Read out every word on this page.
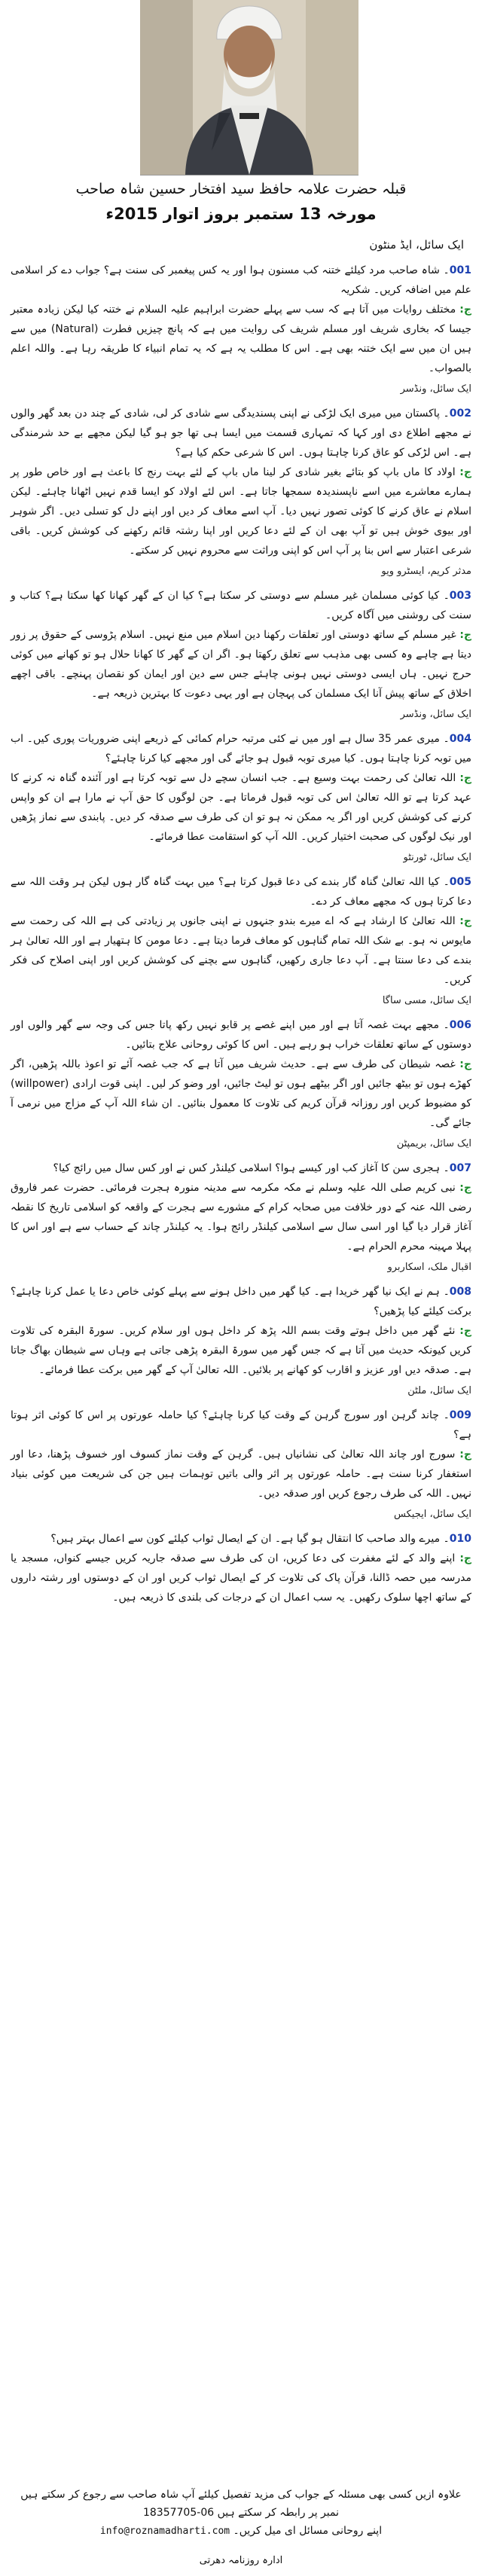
قبلہ حضرت علامہ حافظ سید افتخار حسین شاہ صاحب
مورخہ 13 ستمبر بروز اتوار 2015ء
ایک سائل، ایڈ منٹون

001۔ شاہ صاحب مرد کیلئے ختنہ کب مسنون ہوا اور یہ کس پیغمبر کی سنت ہے؟ جواب دے کر اسلامی علم میں اضافہ کریں۔ شکریہ

ج: مختلف روایات میں آتا ہے کہ سب سے پہلے حضرت ابراہیم علیہ السلام نے ختنہ کیا لیکن زیادہ معتبر جیسا کہ بخاری شریف اور مسلم شریف کی روایت میں ہے کہ پانچ چیزیں فطرت (Natural) میں سے ہیں ان میں سے ایک ختنہ بھی ہے۔ اس کا مطلب یہ ہے کہ یہ تمام انبیاء کا طریقہ رہا ہے۔ واللہ اعلم بالصواب۔

ایک سائل، ونڈسر

002۔ پاکستان میں میری ایک لڑکی نے اپنی پسندیدگی سے شادی کر لی، شادی کے چند دن بعد گھر والوں نے مجھے اطلاع دی اور کہا کہ تمہاری قسمت میں ایسا ہی تھا جو ہو گیا لیکن مجھے بے حد شرمندگی ہے۔ اس لڑکی کو عاق کرنا چاہتا ہوں۔ اس کا شرعی حکم کیا ہے؟

ج: اولاد کا ماں باپ کو بتائے بغیر شادی کر لینا ماں باپ کے لئے بہت رنج کا باعث ہے اور خاص طور پر ہمارے معاشرے میں اسے ناپسندیدہ سمجھا جاتا ہے۔ اس لئے اولاد کو ایسا قدم نہیں اٹھانا چاہئے۔ لیکن اسلام نے عاق کرنے کا کوئی تصور نہیں دیا۔ آپ اسے معاف کر دیں اور اپنے دل کو تسلی دیں۔ اگر شوہر اور بیوی خوش ہیں تو آپ بھی ان کے لئے دعا کریں اور اپنا رشتہ قائم رکھنے کی کوشش کریں۔ باقی شرعی اعتبار سے اس بنا پر آپ اس کو اپنی وراثت سے محروم نہیں کر سکتے۔

مدثر کریم، ایسٹرو ویو

003۔ کیا کوئی مسلمان غیر مسلم سے دوستی کر سکتا ہے؟ کیا ان کے گھر کھانا کھا سکتا ہے؟ کتاب و سنت کی روشنی میں آگاہ کریں۔

ج: غیر مسلم کے ساتھ دوستی اور تعلقات رکھنا دین اسلام میں منع نہیں۔ اسلام پڑوسی کے حقوق پر زور دیتا ہے چاہے وہ کسی بھی مذہب سے تعلق رکھتا ہو۔ اگر ان کے گھر کا کھانا حلال ہو تو کھانے میں کوئی حرج نہیں۔ ہاں ایسی دوستی نہیں ہونی چاہئے جس سے دین اور ایمان کو نقصان پہنچے۔ باقی اچھے اخلاق کے ساتھ پیش آنا ایک مسلمان کی پہچان ہے اور یہی دعوت کا بہترین ذریعہ ہے۔

ایک سائل، ونڈسر

004۔ میری عمر 35 سال ہے اور میں نے کئی مرتبہ حرام کمائی کے ذریعے اپنی ضروریات پوری کیں۔ اب میں توبہ کرنا چاہتا ہوں۔ کیا میری توبہ قبول ہو جائے گی اور مجھے کیا کرنا چاہئے؟

ج: اللہ تعالیٰ کی رحمت بہت وسیع ہے۔ جب انسان سچے دل سے توبہ کرتا ہے اور آئندہ گناہ نہ کرنے کا عہد کرتا ہے تو اللہ تعالیٰ اس کی توبہ قبول فرماتا ہے۔ جن لوگوں کا حق آپ نے مارا ہے ان کو واپس کرنے کی کوشش کریں اور اگر یہ ممکن نہ ہو تو ان کی طرف سے صدقہ کر دیں۔ پابندی سے نماز پڑھیں اور نیک لوگوں کی صحبت اختیار کریں۔ اللہ آپ کو استقامت عطا فرمائے۔

ایک سائل، ٹورنٹو

005۔ کیا اللہ تعالیٰ گناہ گار بندے کی دعا قبول کرتا ہے؟ میں بہت گناہ گار ہوں لیکن ہر وقت اللہ سے دعا کرتا ہوں کہ مجھے معاف کر دے۔

ج: اللہ تعالیٰ کا ارشاد ہے کہ اے میرے بندو جنہوں نے اپنی جانوں پر زیادتی کی ہے اللہ کی رحمت سے مایوس نہ ہو۔ بے شک اللہ تمام گناہوں کو معاف فرما دیتا ہے۔ دعا مومن کا ہتھیار ہے اور اللہ تعالیٰ ہر بندے کی دعا سنتا ہے۔ آپ دعا جاری رکھیں، گناہوں سے بچنے کی کوشش کریں اور اپنی اصلاح کی فکر کریں۔

ایک سائل، مسی ساگا

006۔ مجھے بہت غصہ آتا ہے اور میں اپنے غصے پر قابو نہیں رکھ پاتا جس کی وجہ سے گھر والوں اور دوستوں کے ساتھ تعلقات خراب ہو رہے ہیں۔ اس کا کوئی روحانی علاج بتائیں۔

ج: غصہ شیطان کی طرف سے ہے۔ حدیث شریف میں آتا ہے کہ جب غصہ آئے تو اعوذ باللہ پڑھیں، اگر کھڑے ہوں تو بیٹھ جائیں اور اگر بیٹھے ہوں تو لیٹ جائیں، اور وضو کر لیں۔ اپنی قوت ارادی (willpower) کو مضبوط کریں اور روزانہ قرآن کریم کی تلاوت کا معمول بنائیں۔ ان شاء اللہ آپ کے مزاج میں نرمی آ جائے گی۔

ایک سائل، بریمپٹن

007۔ ہجری سن کا آغاز کب اور کیسے ہوا؟ اسلامی کیلنڈر کس نے اور کس سال میں رائج کیا؟

ج: نبی کریم صلی اللہ علیہ وسلم نے مکہ مکرمہ سے مدینہ منورہ ہجرت فرمائی۔ حضرت عمر فاروق رضی اللہ عنہ کے دور خلافت میں صحابہ کرام کے مشورے سے ہجرت کے واقعہ کو اسلامی تاریخ کا نقطہ آغاز قرار دیا گیا اور اسی سال سے اسلامی کیلنڈر رائج ہوا۔ یہ کیلنڈر چاند کے حساب سے ہے اور اس کا پہلا مہینہ محرم الحرام ہے۔

اقبال ملک، اسکاربرو

008۔ ہم نے ایک نیا گھر خریدا ہے۔ کیا گھر میں داخل ہونے سے پہلے کوئی خاص دعا یا عمل کرنا چاہئے؟ برکت کیلئے کیا پڑھیں؟

ج: نئے گھر میں داخل ہوتے وقت بسم اللہ پڑھ کر داخل ہوں اور سلام کریں۔ سورۃ البقرہ کی تلاوت کریں کیونکہ حدیث میں آتا ہے کہ جس گھر میں سورۃ البقرہ پڑھی جاتی ہے وہاں سے شیطان بھاگ جاتا ہے۔ صدقہ دیں اور عزیز و اقارب کو کھانے پر بلائیں۔ اللہ تعالیٰ آپ کے گھر میں برکت عطا فرمائے۔

ایک سائل، ملٹن

009۔ چاند گرہن اور سورج گرہن کے وقت کیا کرنا چاہئے؟ کیا حاملہ عورتوں پر اس کا کوئی اثر ہوتا ہے؟

ج: سورج اور چاند اللہ تعالیٰ کی نشانیاں ہیں۔ گرہن کے وقت نماز کسوف اور خسوف پڑھنا، دعا اور استغفار کرنا سنت ہے۔ حاملہ عورتوں پر اثر والی باتیں توہمات ہیں جن کی شریعت میں کوئی بنیاد نہیں۔ اللہ کی طرف رجوع کریں اور صدقہ دیں۔

ایک سائل، ایجیکس

010۔ میرے والد صاحب کا انتقال ہو گیا ہے۔ ان کے ایصال ثواب کیلئے کون سے اعمال بہتر ہیں؟

ج: اپنے والد کے لئے مغفرت کی دعا کریں، ان کی طرف سے صدقہ جاریہ کریں جیسے کنواں، مسجد یا مدرسہ میں حصہ ڈالنا، قرآن پاک کی تلاوت کر کے ایصال ثواب کریں اور ان کے دوستوں اور رشتہ داروں کے ساتھ اچھا سلوک رکھیں۔ یہ سب اعمال ان کے درجات کی بلندی کا ذریعہ ہیں۔

علاوہ ازیں کسی بھی مسئلہ کے جواب کی مزید تفصیل کیلئے آپ شاہ صاحب سے رجوع کر سکتے ہیں
نمبر پر رابطہ کر سکتے ہیں 06-18357705
اپنے روحانی مسائل ای میل کریں۔ info@roznamadharti.com
ادارہ روزنامہ دھرتی
